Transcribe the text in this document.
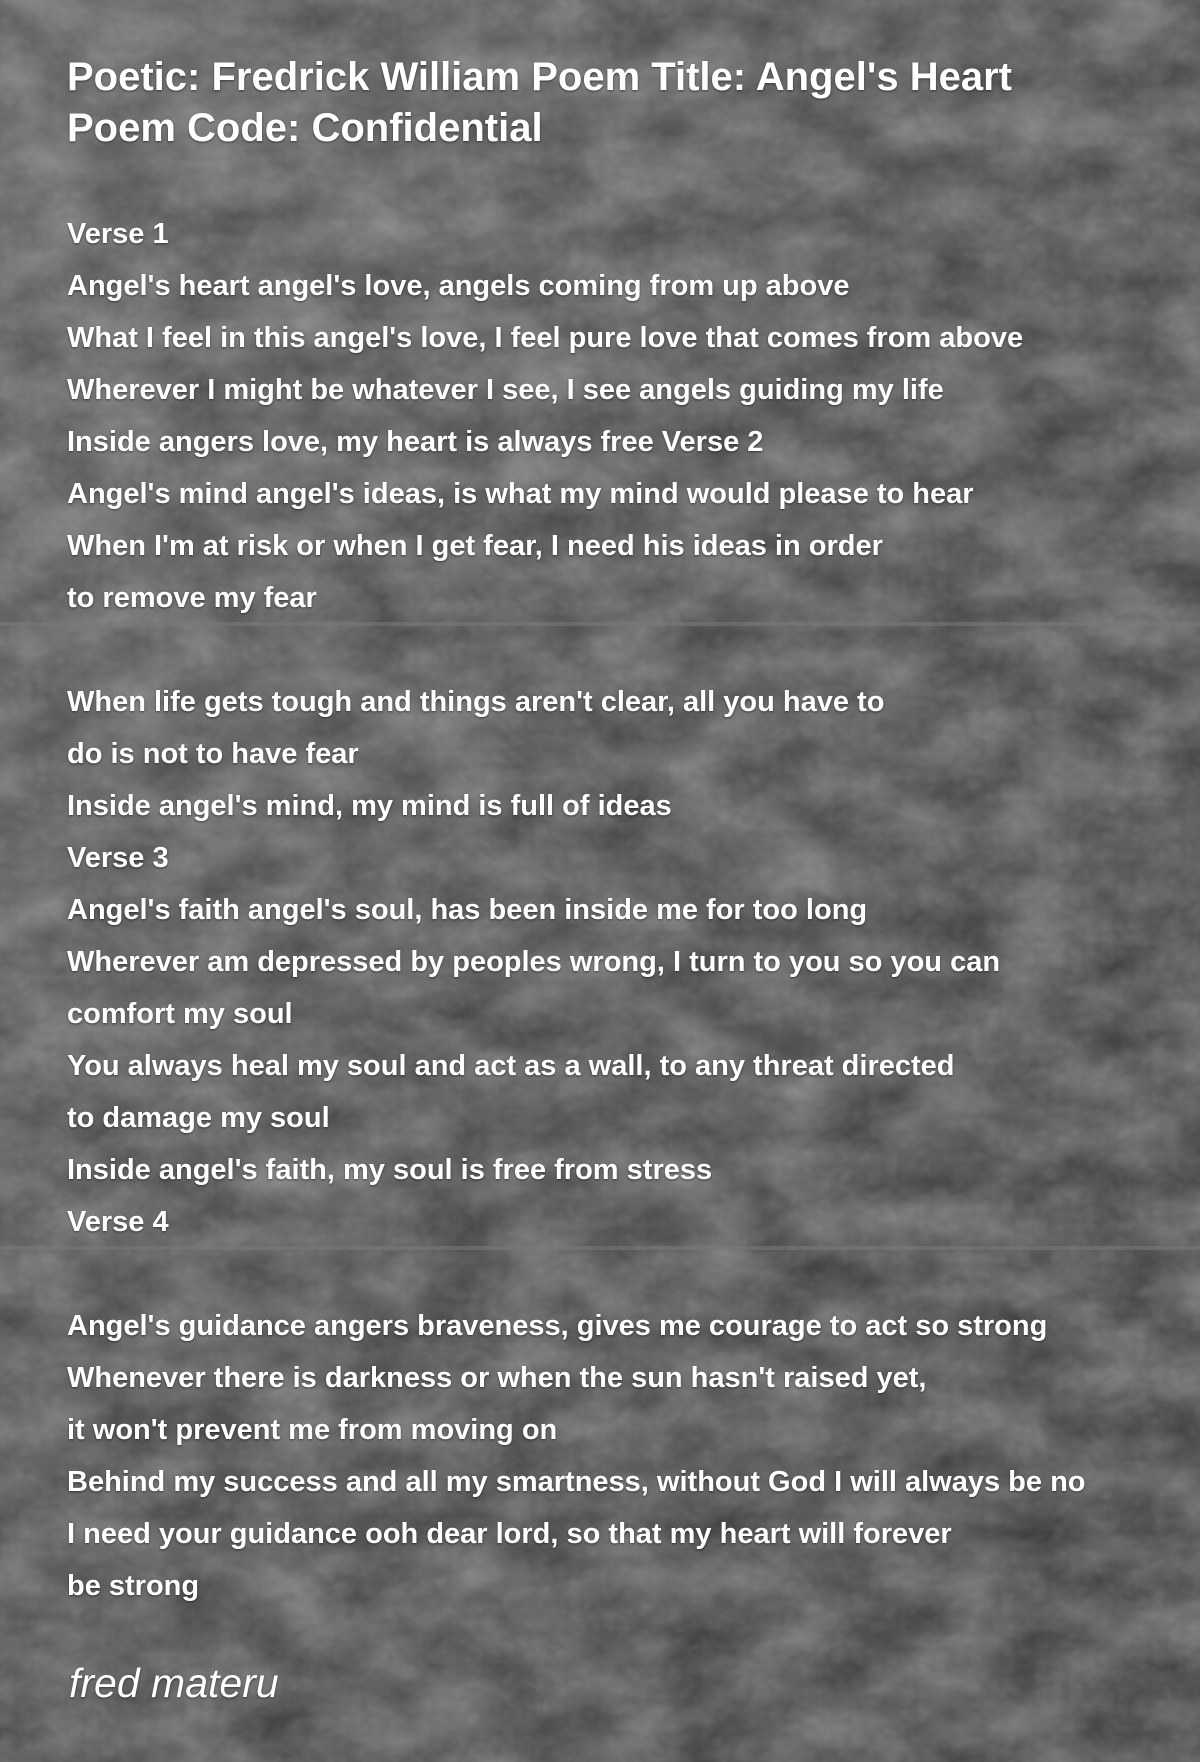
Poetic: Fredrick William Poem Title: Angel's Heart Poem Code: Confidential
Verse 1
Angel's heart angel's love, angels coming from up above
What I feel in this angel's love, I feel pure love that comes from above
Wherever I might be whatever I see, I see angels guiding my life
Inside angers love, my heart is always free Verse 2
Angel's mind angel's ideas, is what my mind would please to hear
When I'm at risk or when I get fear, I need his ideas in order
to remove my fear
When life gets tough and things aren't clear, all you have to
do is not to have fear
Inside angel's mind, my mind is full of ideas
Verse 3
Angel's faith angel's soul, has been inside me for too long
Wherever am depressed by peoples wrong, I turn to you so you can
comfort my soul
You always heal my soul and act as a wall, to any threat directed
to damage my soul
Inside angel's faith, my soul is free from stress
Verse 4
Angel's guidance angers braveness, gives me courage to act so strong
Whenever there is darkness or when the sun hasn't raised yet,
it won't prevent me from moving on
Behind my success and all my smartness, without God I will always be no
I need your guidance ooh dear lord, so that my heart will forever
be strong
fred materu
